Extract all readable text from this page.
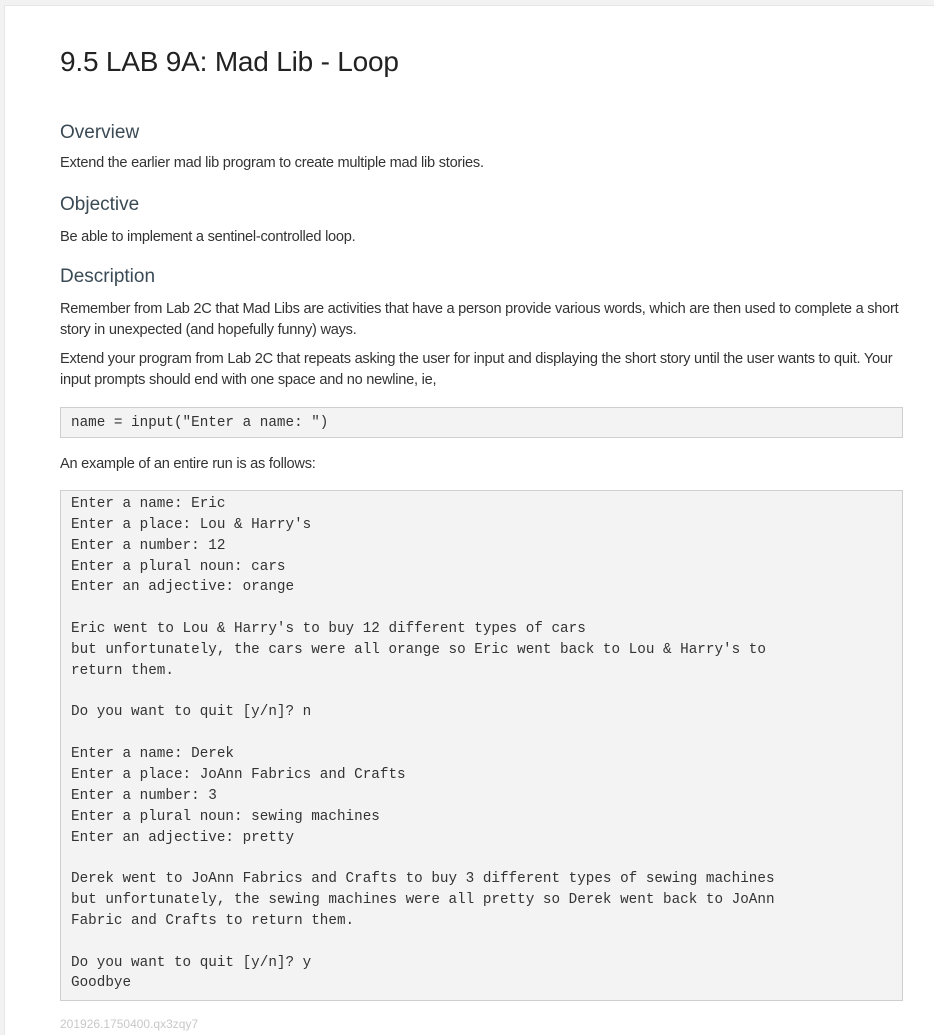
9.5 LAB 9A: Mad Lib - Loop
Overview

Extend the earlier mad lib program to create multiple mad lib stories.

Objective

Be able to implement a sentinel-controlled loop.

Description

Remember from Lab 2C that Mad Libs are activities that have a person provide various words, which are then used to complete a short story in unexpected (and hopefully funny) ways.

Extend your program from Lab 2C that repeats asking the user for input and displaying the short story until the user wants to quit. Your input prompts should end with one space and no newline, ie,

name = input("Enter a name: ")

An example of an entire run is as follows:

Enter a name: Eric
Enter a place: Lou & Harry's
Enter a number: 12
Enter a plural noun: cars
Enter an adjective: orange

Eric went to Lou & Harry's to buy 12 different types of cars
but unfortunately, the cars were all orange so Eric went back to Lou & Harry's to
return them.

Do you want to quit [y/n]? n

Enter a name: Derek
Enter a place: JoAnn Fabrics and Crafts
Enter a number: 3
Enter a plural noun: sewing machines
Enter an adjective: pretty

Derek went to JoAnn Fabrics and Crafts to buy 3 different types of sewing machines
but unfortunately, the sewing machines were all pretty so Derek went back to JoAnn
Fabric and Crafts to return them.

Do you want to quit [y/n]? y
Goodbye
201926.1750400.qx3zqy7
